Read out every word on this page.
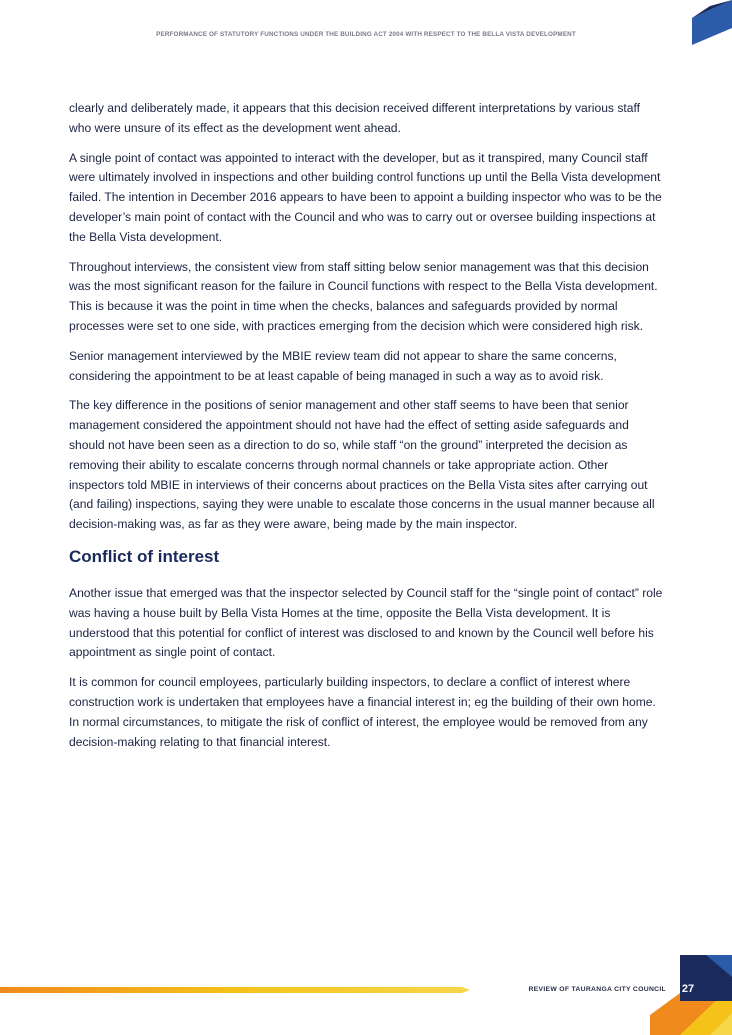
PERFORMANCE OF STATUTORY FUNCTIONS UNDER THE BUILDING ACT 2004 WITH RESPECT TO THE BELLA VISTA DEVELOPMENT

clearly and deliberately made, it appears that this decision received different interpretations by various staff who were unsure of its effect as the development went ahead.

A single point of contact was appointed to interact with the developer, but as it transpired, many Council staff were ultimately involved in inspections and other building control functions up until the Bella Vista development failed. The intention in December 2016 appears to have been to appoint a building inspector who was to be the developer’s main point of contact with the Council and who was to carry out or oversee building inspections at the Bella Vista development.

Throughout interviews, the consistent view from staff sitting below senior management was that this decision was the most significant reason for the failure in Council functions with respect to the Bella Vista development. This is because it was the point in time when the checks, balances and safeguards provided by normal processes were set to one side, with practices emerging from the decision which were considered high risk.

Senior management interviewed by the MBIE review team did not appear to share the same concerns, considering the appointment to be at least capable of being managed in such a way as to avoid risk.

The key difference in the positions of senior management and other staff seems to have been that senior management considered the appointment should not have had the effect of setting aside safeguards and should not have been seen as a direction to do so, while staff “on the ground” interpreted the decision as removing their ability to escalate concerns through normal channels or take appropriate action. Other inspectors told MBIE in interviews of their concerns about practices on the Bella Vista sites after carrying out (and failing) inspections, saying they were unable to escalate those concerns in the usual manner because all decision-making was, as far as they were aware, being made by the main inspector.

Conflict of interest

Another issue that emerged was that the inspector selected by Council staff for the “single point of contact” role was having a house built by Bella Vista Homes at the time, opposite the Bella Vista development. It is understood that this potential for conflict of interest was disclosed to and known by the Council well before his appointment as single point of contact.

It is common for council employees, particularly building inspectors, to declare a conflict of interest where construction work is undertaken that employees have a financial interest in; eg the building of their own home. In normal circumstances, to mitigate the risk of conflict of interest, the employee would be removed from any decision-making relating to that financial interest.

REVIEW OF TAURANGA CITY COUNCIL	27
